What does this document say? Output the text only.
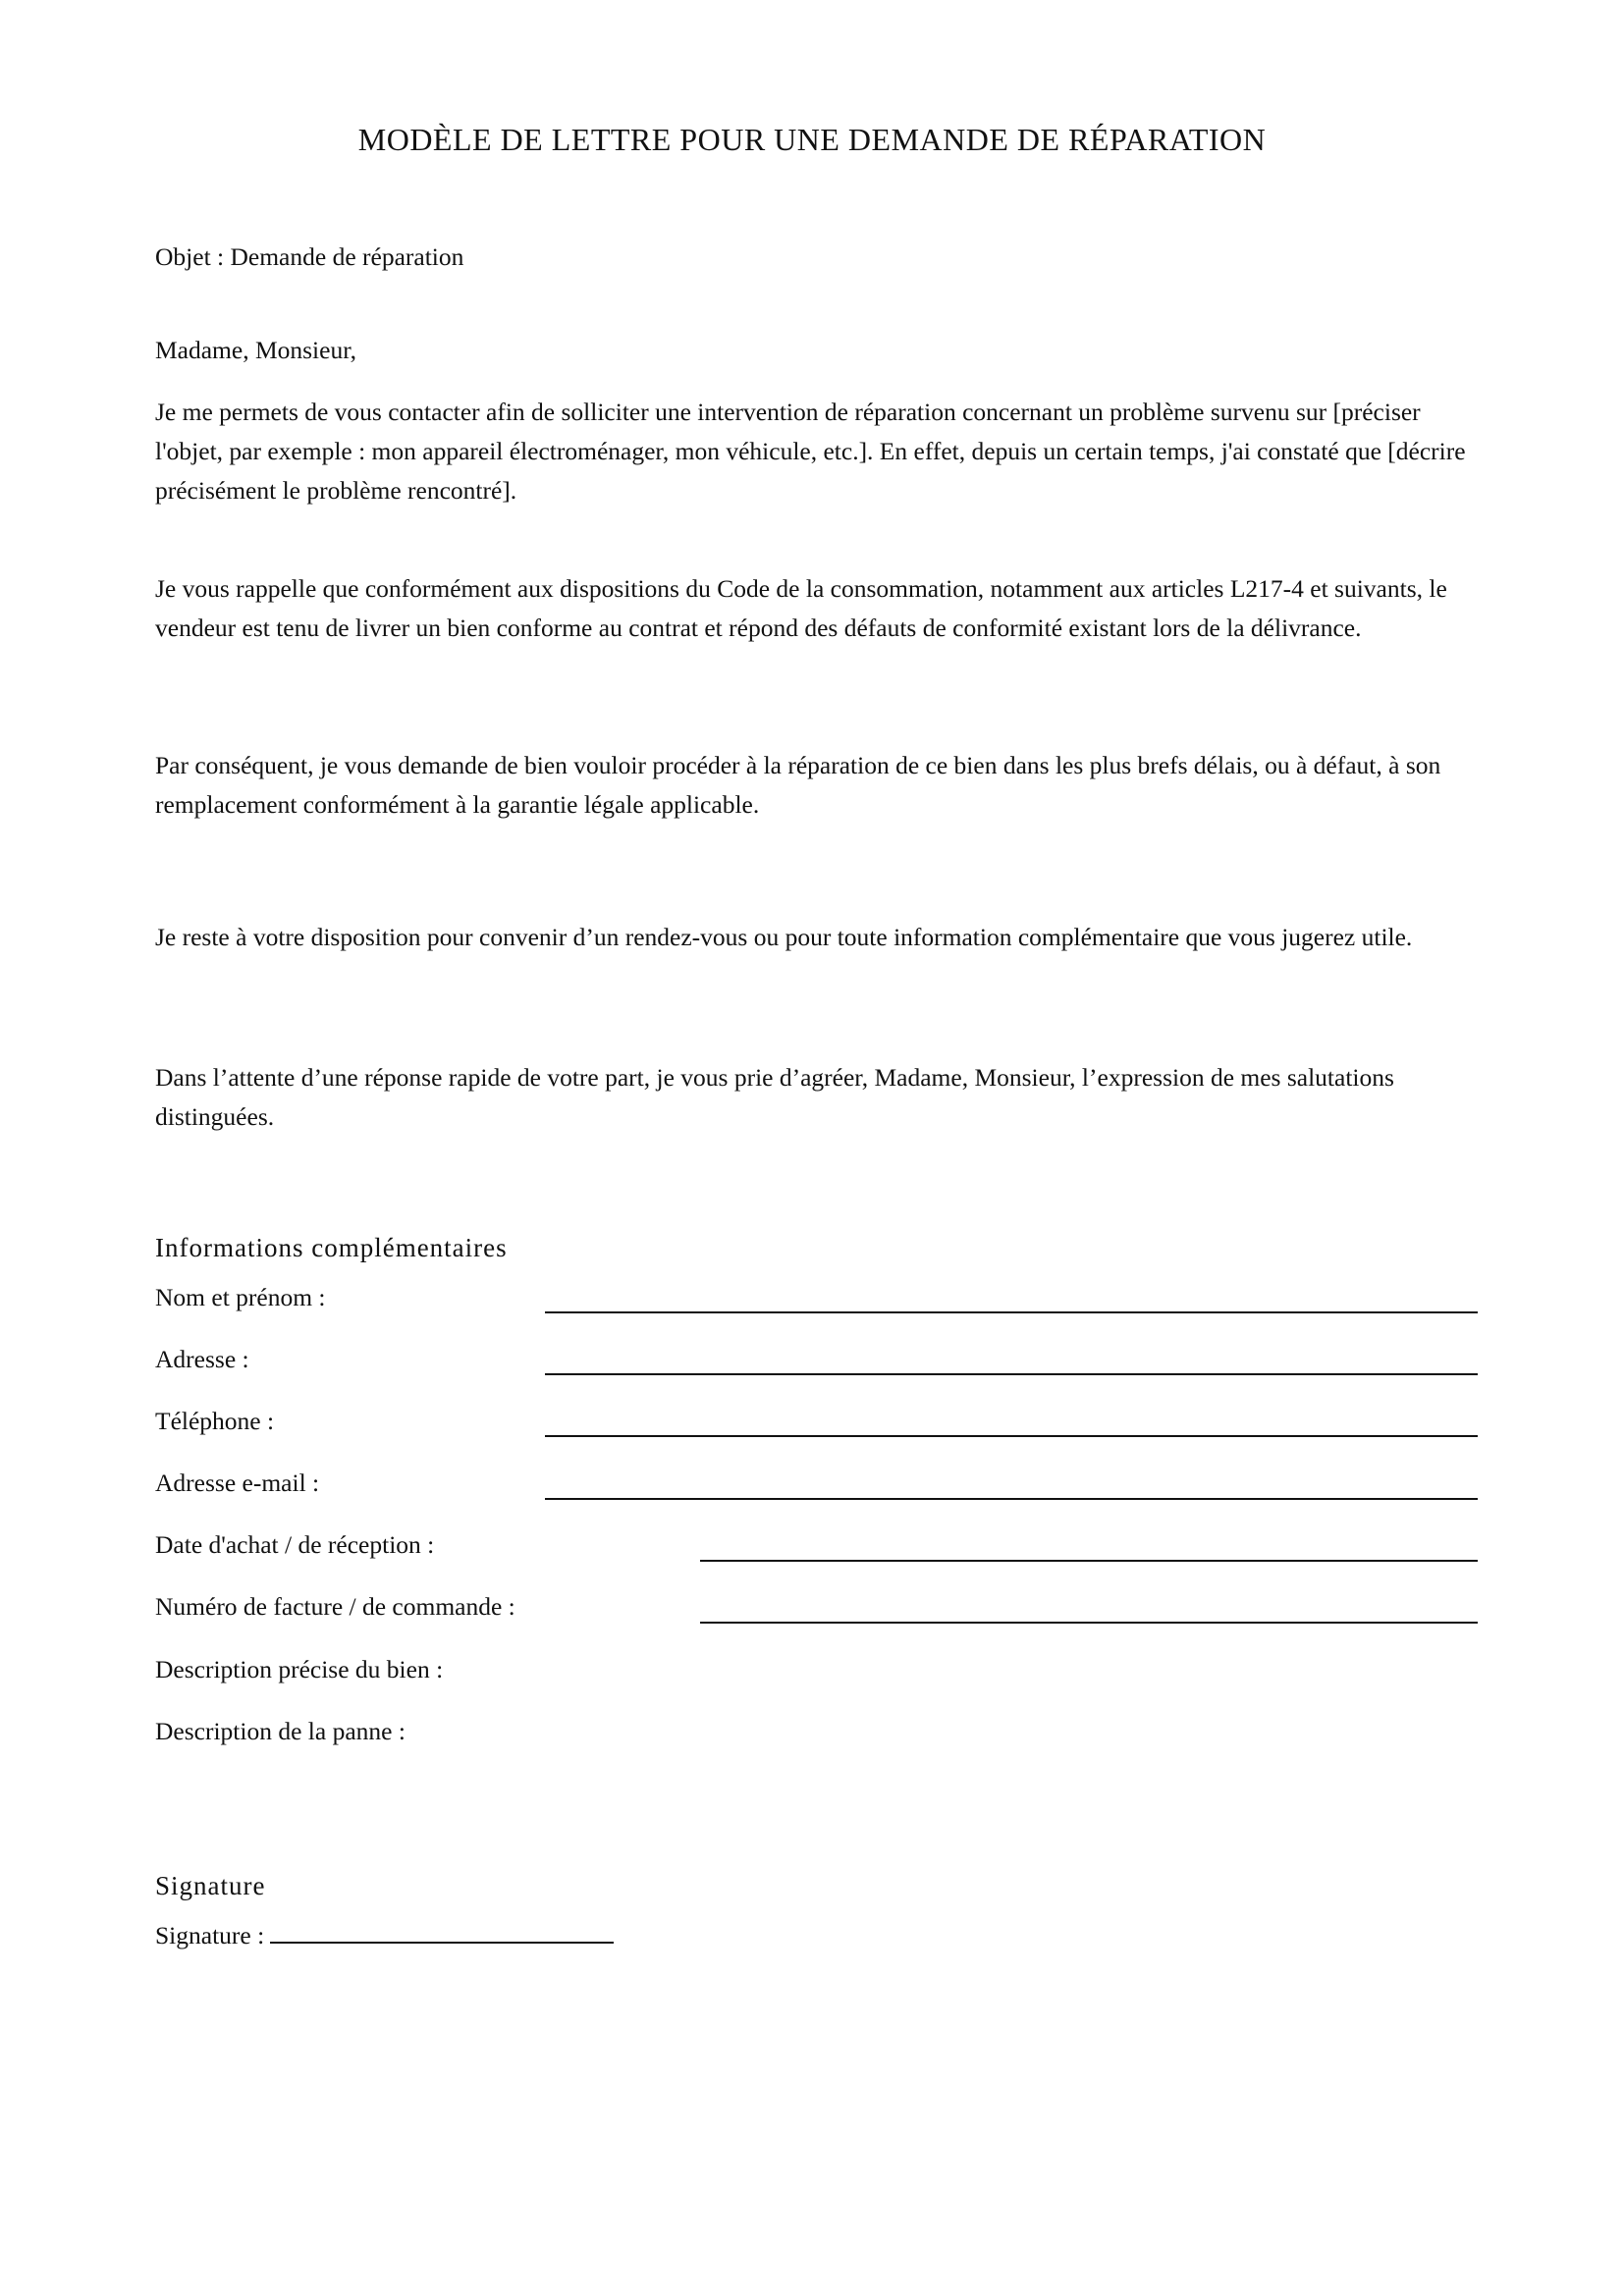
MODÈLE DE LETTRE POUR UNE DEMANDE DE RÉPARATION
Objet : Demande de réparation
Madame, Monsieur,

Je me permets de vous contacter afin de solliciter une intervention de réparation concernant un problème survenu sur [préciser l'objet, par exemple : mon appareil électroménager, mon véhicule, etc.]. En effet, depuis un certain temps, j'ai constaté que [décrire précisément le problème rencontré].

Je vous rappelle que conformément aux dispositions du Code de la consommation, notamment aux articles L217-4 et suivants, le vendeur est tenu de livrer un bien conforme au contrat et répond des défauts de conformité existant lors de la délivrance.

Par conséquent, je vous demande de bien vouloir procéder à la réparation de ce bien dans les plus brefs délais, ou à défaut, à son remplacement conformément à la garantie légale applicable.

Je reste à votre disposition pour convenir d’un rendez-vous ou pour toute information complémentaire que vous jugerez utile.

Dans l’attente d’une réponse rapide de votre part, je vous prie d’agréer, Madame, Monsieur, l’expression de mes salutations distinguées.

Informations complémentaires
Nom et prénom :
Adresse :
Téléphone :
Adresse e-mail :
Date d'achat / de réception :
Numéro de facture / de commande :
Description précise du bien :
Description de la panne :
Signature
Signature :
